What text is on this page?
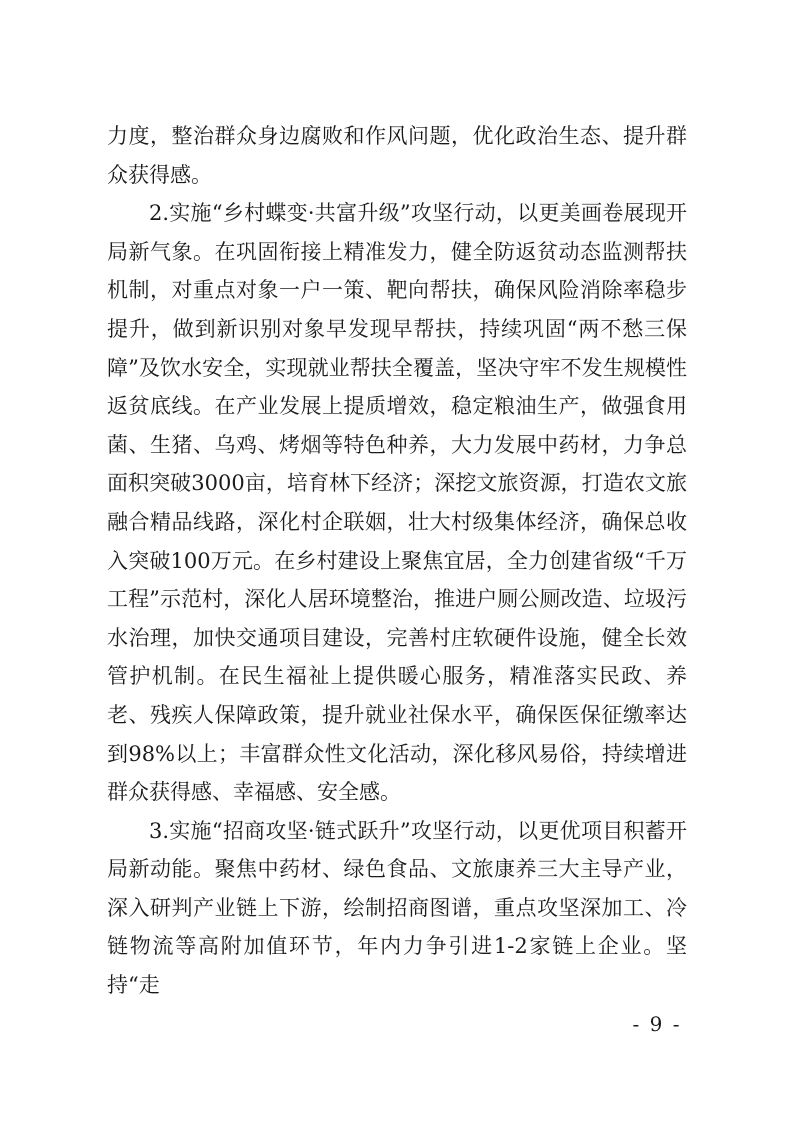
力度，整治群众身边腐败和作风问题，优化政治生态、提升群众获得感。

2.实施“乡村蝶变·共富升级”攻坚行动，以更美画卷展现开局新气象。在巩固衔接上精准发力，健全防返贫动态监测帮扶机制，对重点对象一户一策、靶向帮扶，确保风险消除率稳步提升，做到新识别对象早发现早帮扶，持续巩固“两不愁三保障”及饮水安全，实现就业帮扶全覆盖，坚决守牢不发生规模性返贫底线。在产业发展上提质增效，稳定粮油生产，做强食用菌、生猪、乌鸡、烤烟等特色种养，大力发展中药材，力争总面积突破3000亩，培育林下经济；深挖文旅资源，打造农文旅融合精品线路，深化村企联姻，壮大村级集体经济，确保总收入突破100万元。在乡村建设上聚焦宜居，全力创建省级“千万工程”示范村，深化人居环境整治，推进户厕公厕改造、垃圾污水治理，加快交通项目建设，完善村庄软硬件设施，健全长效管护机制。在民生福祉上提供暖心服务，精准落实民政、养老、残疾人保障政策，提升就业社保水平，确保医保征缴率达到98%以上；丰富群众性文化活动，深化移风易俗，持续增进群众获得感、幸福感、安全感。

3.实施“招商攻坚·链式跃升”攻坚行动，以更优项目积蓄开局新动能。聚焦中药材、绿色食品、文旅康养三大主导产业，深入研判产业链上下游，绘制招商图谱，重点攻坚深加工、冷链物流等高附加值环节，年内力争引进1-2家链上企业。坚持“走

- 9 -
